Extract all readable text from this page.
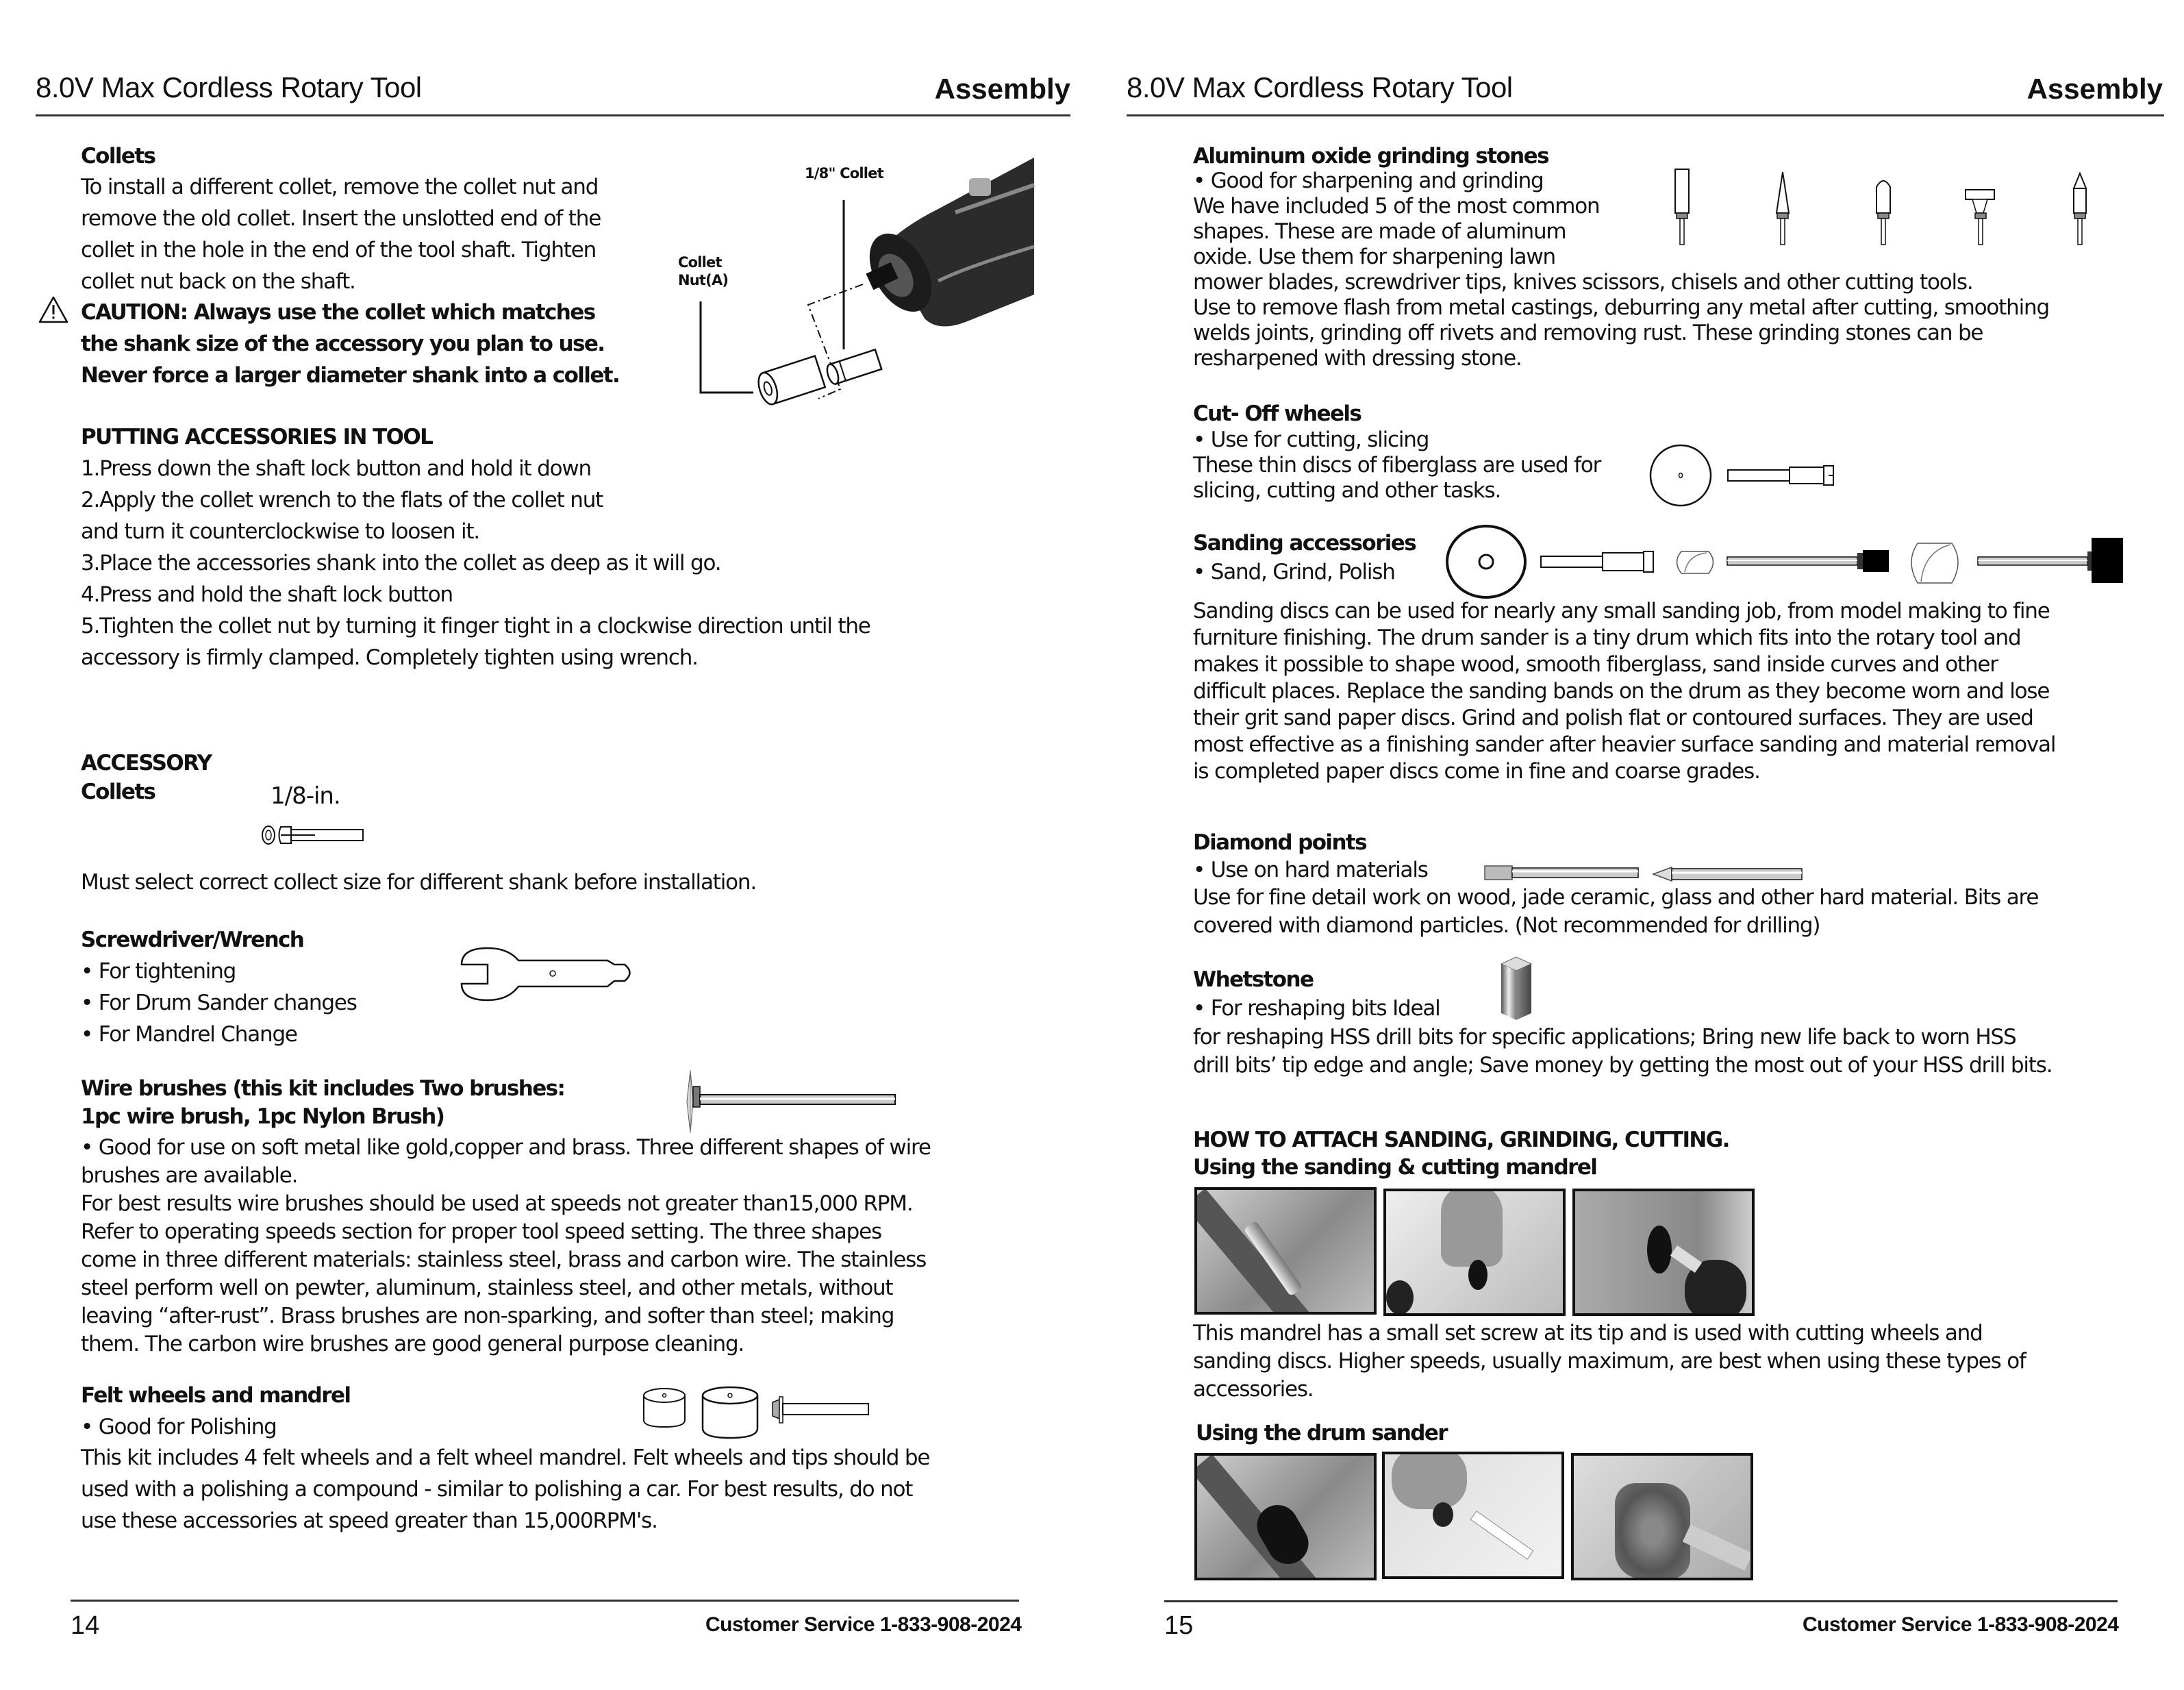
8.0V Max Cordless Rotary Tool	Assembly 8.0V Max Cordless Rotary Tool	Assembly
Collets
To install a different collet, remove the collet nut and
remove the old collet. Insert the unslotted end of the
collet in the hole in the end of the tool shaft. Tighten
collet nut back on the shaft.
CAUTION: Always use the collet which matches
the shank size of the accessory you plan to use.
Never force a larger diameter shank into a collet.
1/8" Collet
Collet
Nut(A)
PUTTING ACCESSORIES IN TOOL
1.Press down the shaft lock button and hold it down
2.Apply the collet wrench to the flats of the collet nut
and turn it counterclockwise to loosen it.
3.Place the accessories shank into the collet as deep as it will go.
4.Press and hold the shaft lock button
5.Tighten the collet nut by turning it finger tight in a clockwise direction until the
accessory is firmly clamped. Completely tighten using wrench.
ACCESSORY
Collets	1/8-in.
Must select correct collect size for different shank before installation.
Screwdriver/Wrench
• For tightening
• For Drum Sander changes
• For Mandrel Change
Wire brushes (this kit includes Two brushes:
1pc wire brush, 1pc Nylon Brush)
• Good for use on soft metal like gold,copper and brass. Three different shapes of wire
brushes are available.
For best results wire brushes should be used at speeds not greater than15,000 RPM.
Refer to operating speeds section for proper tool speed setting. The three shapes
come in three different materials: stainless steel, brass and carbon wire. The stainless
steel perform well on pewter, aluminum, stainless steel, and other metals, without
leaving “after-rust”. Brass brushes are non-sparking, and softer than steel; making
them. The carbon wire brushes are good general purpose cleaning.
Felt wheels and mandrel
• Good for Polishing
This kit includes 4 felt wheels and a felt wheel mandrel. Felt wheels and tips should be
used with a polishing a compound - similar to polishing a car. For best results, do not
use these accessories at speed greater than 15,000RPM's.
14	Customer Service 1-833-908-2024
Aluminum oxide grinding stones
• Good for sharpening and grinding
We have included 5 of the most common
shapes. These are made of aluminum
oxide. Use them for sharpening lawn
mower blades, screwdriver tips, knives scissors, chisels and other cutting tools.
Use to remove flash from metal castings, deburring any metal after cutting, smoothing
welds joints, grinding off rivets and removing rust. These grinding stones can be
resharpened with dressing stone.
Cut- Off wheels
• Use for cutting, slicing
These thin discs of fiberglass are used for
slicing, cutting and other tasks.
Sanding accessories
• Sand, Grind, Polish
Sanding discs can be used for nearly any small sanding job, from model making to fine
furniture finishing. The drum sander is a tiny drum which fits into the rotary tool and
makes it possible to shape wood, smooth fiberglass, sand inside curves and other
difficult places. Replace the sanding bands on the drum as they become worn and lose
their grit sand paper discs. Grind and polish flat or contoured surfaces. They are used
most effective as a finishing sander after heavier surface sanding and material removal
is completed paper discs come in fine and coarse grades.
Diamond points
• Use on hard materials
Use for fine detail work on wood, jade ceramic, glass and other hard material. Bits are
covered with diamond particles. (Not recommended for drilling)
Whetstone
• For reshaping bits Ideal
for reshaping HSS drill bits for specific applications; Bring new life back to worn HSS
drill bits’ tip edge and angle; Save money by getting the most out of your HSS drill bits.
HOW TO ATTACH SANDING, GRINDING, CUTTING.
Using the sanding & cutting mandrel
This mandrel has a small set screw at its tip and is used with cutting wheels and
sanding discs. Higher speeds, usually maximum, are best when using these types of
accessories.
Using the drum sander
15	Customer Service 1-833-908-2024
